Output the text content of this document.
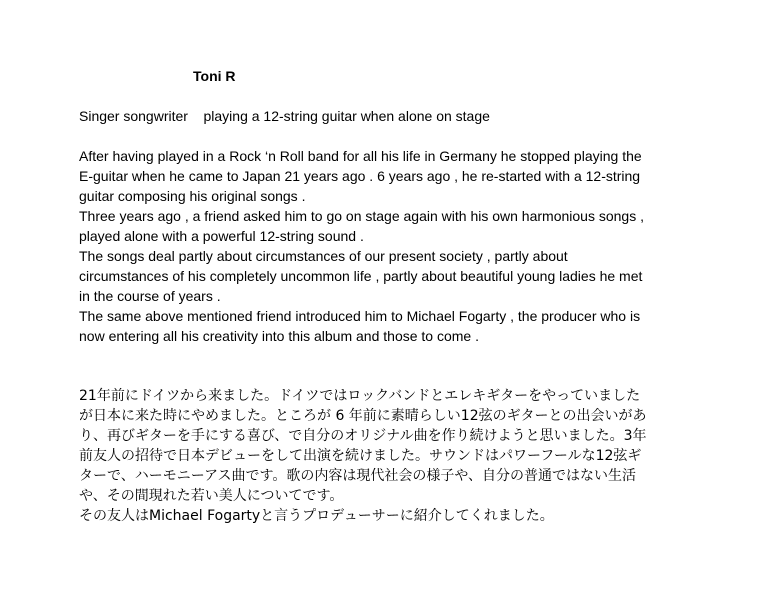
Toni R
Singer songwriter    playing a 12-string guitar when alone on stage
After having played in a Rock ‘n Roll band for all his life in Germany he stopped playing the
E-guitar when he came to Japan 21 years ago . 6 years ago , he re-started with a 12-string
guitar composing his original songs .
Three years ago , a friend asked him to go on stage again with his own harmonious songs ,
played alone with a powerful 12-string sound .
The songs deal partly about circumstances of our present society , partly about
circumstances of his completely uncommon life , partly about beautiful young ladies he met
in the course of years .
The same above mentioned friend introduced him to Michael Fogarty , the producer who is
now entering all his creativity into this album and those to come .
21年前にドイツから来ました。ドイツではロックバンドとエレキギターをやっていました
が日本に来た時にやめました。ところが 6 年前に素晴らしい12弦のギターとの出会いがあ
り、再びギターを手にする喜び、で自分のオリジナル曲を作り続けようと思いました。3年
前友人の招待で日本デビューをして出演を続けました。サウンドはパワーフールな12弦ギ
ターで、ハーモニーアス曲です。歌の内容は現代社会の様子や、自分の普通ではない生活
や、その間現れた若い美人についてです。
その友人はMichael Fogartyと言うプロデューサーに紹介してくれました。
